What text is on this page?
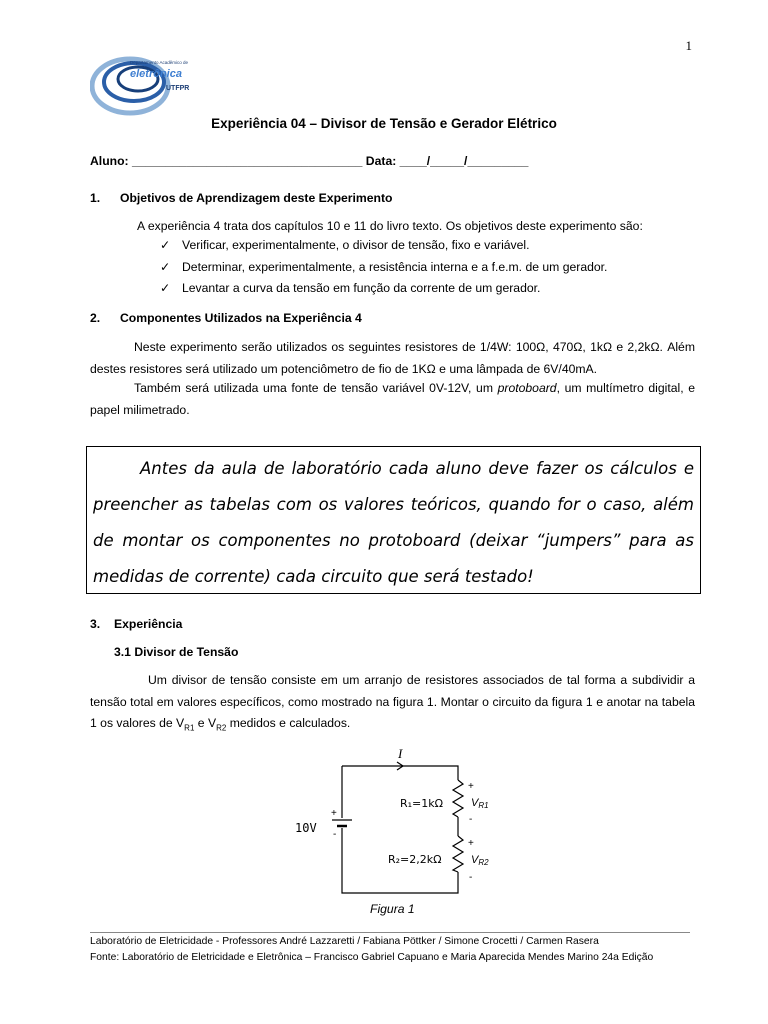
1
Departamento Acadêmico de
eletrônica
UTFPR
Experiência 04 – Divisor de Tensão e Gerador Elétrico
Aluno: __________________________________ Data: ____/_____/_________
1. Objetivos de Aprendizagem deste Experimento
A experiência 4 trata dos capítulos 10 e 11 do livro texto. Os objetivos deste experimento são:
✓ Verificar, experimentalmente, o divisor de tensão, fixo e variável.
✓ Determinar, experimentalmente, a resistência interna e a f.e.m. de um gerador.
✓ Levantar a curva da tensão em função da corrente de um gerador.
2. Componentes Utilizados na Experiência 4
Neste experimento serão utilizados os seguintes resistores de 1/4W: 100Ω, 470Ω, 1kΩ e 2,2kΩ. Além destes resistores será utilizado um potenciômetro de fio de 1KΩ e uma lâmpada de 6V/40mA.
Também será utilizada uma fonte de tensão variável 0V-12V, um protoboard, um multímetro digital, e papel milimetrado.

Antes da aula de laboratório cada aluno deve fazer os cálculos e preencher as tabelas com os valores teóricos, quando for o caso, além de montar os componentes no protoboard (deixar “jumpers” para as medidas de corrente) cada circuito que será testado!

3. Experiência
3.1 Divisor de Tensão
Um divisor de tensão consiste em um arranjo de resistores associados de tal forma a subdividir a tensão total em valores específicos, como mostrado na figura 1. Montar o circuito da figura 1 e anotar na tabela 1 os valores de $V_{R1}$ e $V_{R2}$ medidos e calculados.
I
10V
+
-
R₁=1kΩ
R₂=2,2kΩ
+
VR1
-
+
VR2
-
Figura 1
Laboratório de Eletricidade - Professores André Lazzaretti / Fabiana Pöttker / Simone Crocetti / Carmen Rasera
Fonte: Laboratório de Eletricidade e Eletrônica – Francisco Gabriel Capuano e Maria Aparecida Mendes Marino 24a Edição
